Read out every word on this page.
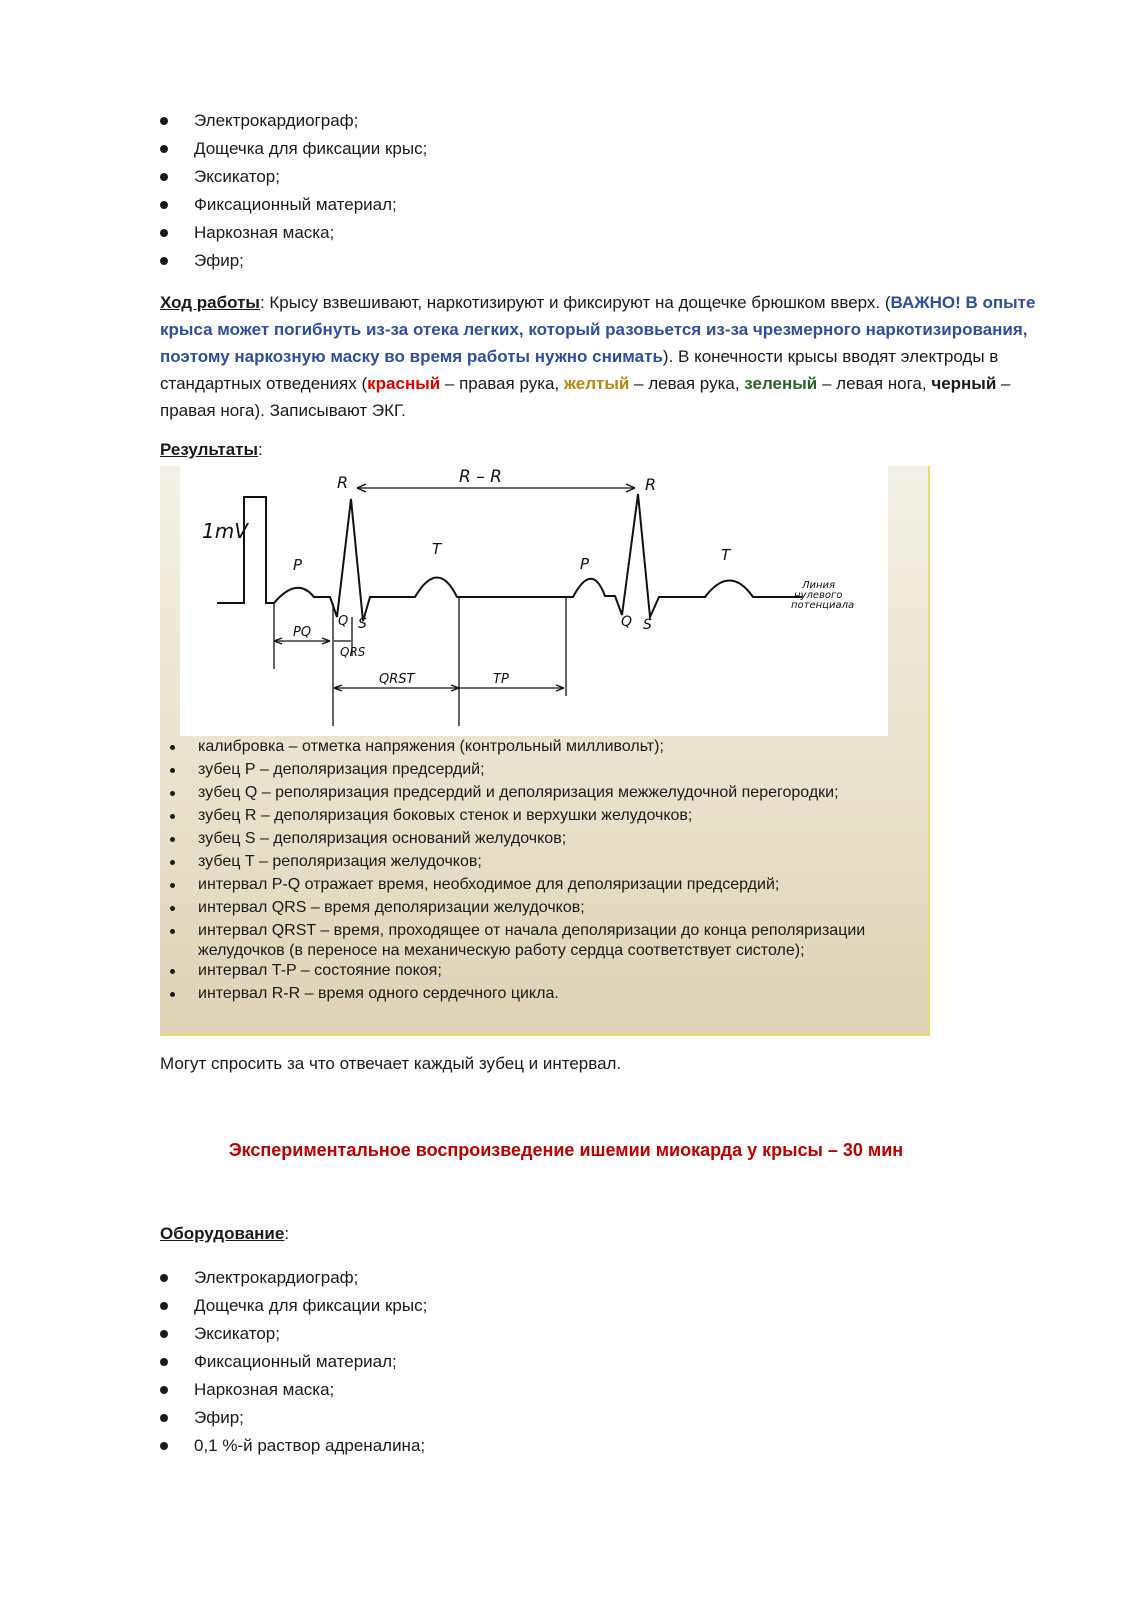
Электрокардиограф;
Дощечка для фиксации крыс;
Эксикатор;
Фиксационный материал;
Наркозная маска;
Эфир;
Ход работы: Крысу взвешивают, наркотизируют и фиксируют на дощечке брюшком вверх. (ВАЖНО! В опыте крыса может погибнуть из-за отека легких, который разовьется из-за чрезмерного наркотизирования, поэтому наркозную маску во время работы нужно снимать). В конечности крысы вводят электроды в стандартных отведениях (красный – правая рука, желтый – левая рука, зеленый – левая нога, черный – правая нога). Записывают ЭКГ.
Результаты:
1mV
R – R
R	R
P	P
T	T
Q S	Q S
PQ
QRS
QRST	TP
Линия
нулевого
потенциала
калибровка – отметка напряжения (контрольный милливольт);
зубец Р – деполяризация предсердий;
зубец Q – реполяризация предсердий и деполяризация межжелудочной перегородки;
зубец R – деполяризация боковых стенок и верхушки желудочков;
зубец S – деполяризация оснований желудочков;
зубец Т – реполяризация желудочков;
интервал P-Q отражает время, необходимое для деполяризации предсердий;
интервал QRS – время деполяризации желудочков;
интервал QRST – время, проходящее от начала деполяризации до конца реполяризации желудочков (в переносе на механическую работу сердца соответствует систоле);
интервал T-P – состояние покоя;
интервал R-R – время одного сердечного цикла.
Могут спросить за что отвечает каждый зубец и интервал.
Экспериментальное воспроизведение ишемии миокарда у крысы – 30 мин
Оборудование:
Электрокардиограф;
Дощечка для фиксации крыс;
Эксикатор;
Фиксационный материал;
Наркозная маска;
Эфир;
0,1 %-й раствор адреналина;
